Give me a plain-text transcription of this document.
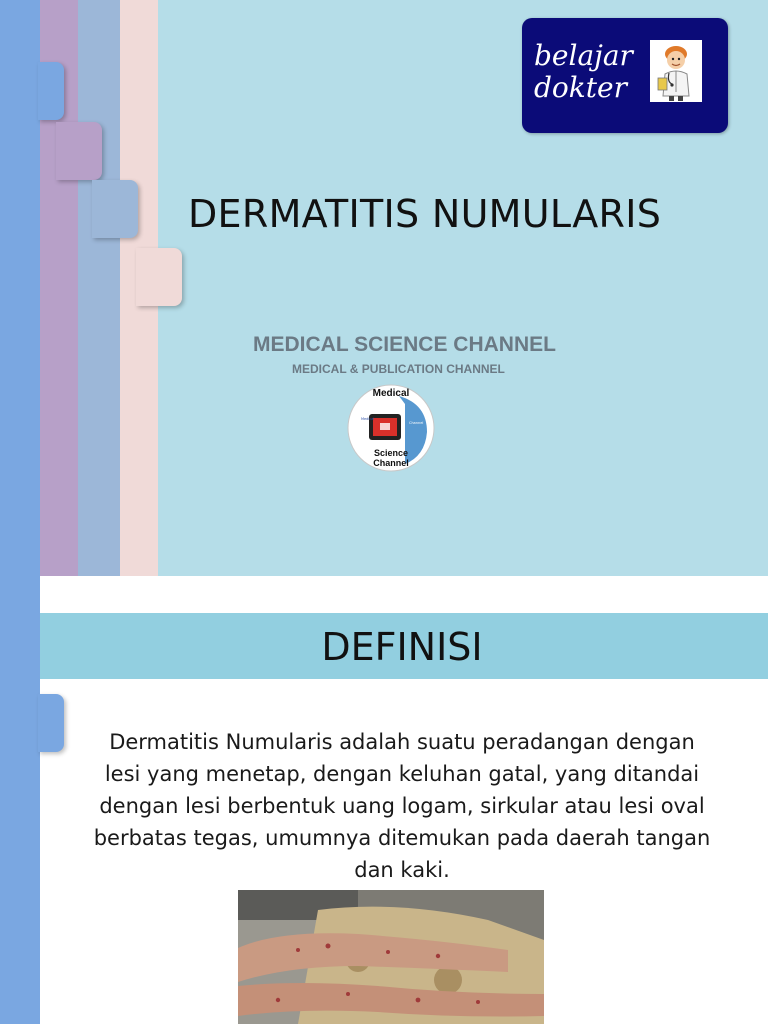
belajar
dokter
DERMATITIS NUMULARIS
MEDICAL SCIENCE CHANNEL
MEDICAL & PUBLICATION CHANNEL
Medical
Channel
Medical
Science
Channel
DEFINISI
Dermatitis Numularis adalah suatu peradangan dengan lesi yang menetap, dengan keluhan gatal, yang ditandai dengan lesi berbentuk uang logam, sirkular atau lesi oval berbatas tegas, umumnya ditemukan pada daerah tangan dan kaki.
